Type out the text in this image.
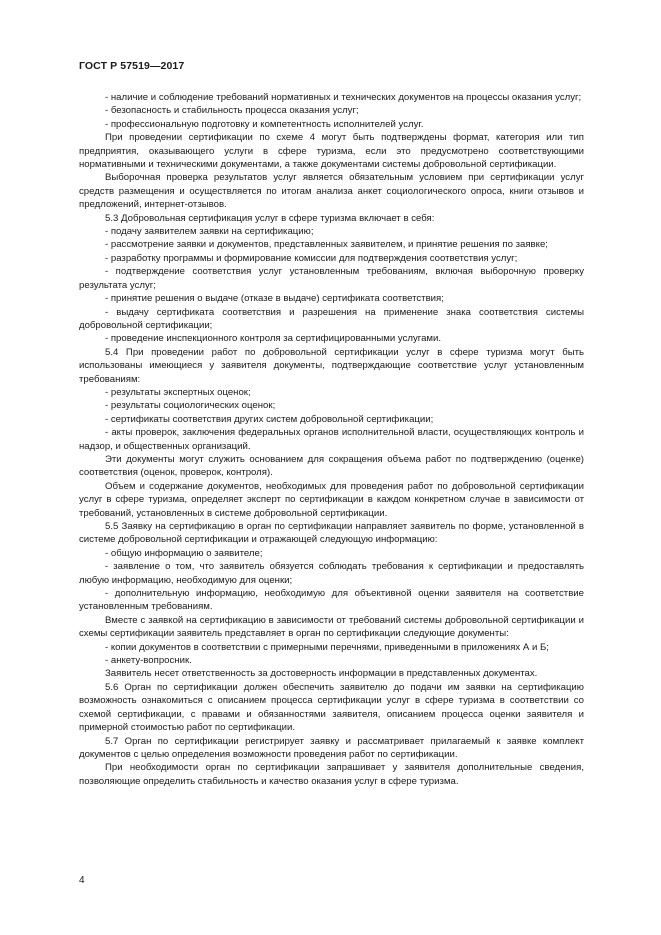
ГОСТ Р 57519—2017

- наличие и соблюдение требований нормативных и технических документов на процессы оказания услуг;

- безопасность и стабильность процесса оказания услуг;

- профессиональную подготовку и компетентность исполнителей услуг.

При проведении сертификации по схеме 4 могут быть подтверждены формат, категория или тип предприятия, оказывающего услуги в сфере туризма, если это предусмотрено соответствующими нормативными и техническими документами, а также документами системы добровольной сертификации.

Выборочная проверка результатов услуг является обязательным условием при сертификации услуг средств размещения и осуществляется по итогам анализа анкет социологического опроса, книги отзывов и предложений, интернет-отзывов.

5.3 Добровольная сертификация услуг в сфере туризма включает в себя:

- подачу заявителем заявки на сертификацию;

- рассмотрение заявки и документов, представленных заявителем, и принятие решения по заявке;

- разработку программы и формирование комиссии для подтверждения соответствия услуг;

- подтверждение соответствия услуг установленным требованиям, включая выборочную проверку результата услуг;

- принятие решения о выдаче (отказе в выдаче) сертификата соответствия;

- выдачу сертификата соответствия и разрешения на применение знака соответствия системы добровольной сертификации;

- проведение инспекционного контроля за сертифицированными услугами.

5.4 При проведении работ по добровольной сертификации услуг в сфере туризма могут быть использованы имеющиеся у заявителя документы, подтверждающие соответствие услуг установленным требованиям:

- результаты экспертных оценок;

- результаты социологических оценок;

- сертификаты соответствия других систем добровольной сертификации;

- акты проверок, заключения федеральных органов исполнительной власти, осуществляющих контроль и надзор, и общественных организаций.

Эти документы могут служить основанием для сокращения объема работ по подтверждению (оценке) соответствия (оценок, проверок, контроля).

Объем и содержание документов, необходимых для проведения работ по добровольной сертификации услуг в сфере туризма, определяет эксперт по сертификации в каждом конкретном случае в зависимости от требований, установленных в системе добровольной сертификации.

5.5 Заявку на сертификацию в орган по сертификации направляет заявитель по форме, установленной в системе добровольной сертификации и отражающей следующую информацию:

- общую информацию о заявителе;

- заявление о том, что заявитель обязуется соблюдать требования к сертификации и предоставлять любую информацию, необходимую для оценки;

- дополнительную информацию, необходимую для объективной оценки заявителя на соответствие установленным требованиям.

Вместе с заявкой на сертификацию в зависимости от требований системы добровольной сертификации и схемы сертификации заявитель представляет в орган по сертификации следующие документы:

- копии документов в соответствии с примерными перечнями, приведенными в приложениях А и Б;

- анкету-вопросник.

Заявитель несет ответственность за достоверность информации в представленных документах.

5.6 Орган по сертификации должен обеспечить заявителю до подачи им заявки на сертификацию возможность ознакомиться с описанием процесса сертификации услуг в сфере туризма в соответствии со схемой сертификации, с правами и обязанностями заявителя, описанием процесса оценки заявителя и примерной стоимостью работ по сертификации.

5.7 Орган по сертификации регистрирует заявку и рассматривает прилагаемый к заявке комплект документов с целью определения возможности проведения работ по сертификации.

При необходимости орган по сертификации запрашивает у заявителя дополнительные сведения, позволяющие определить стабильность и качество оказания услуг в сфере туризма.

4
